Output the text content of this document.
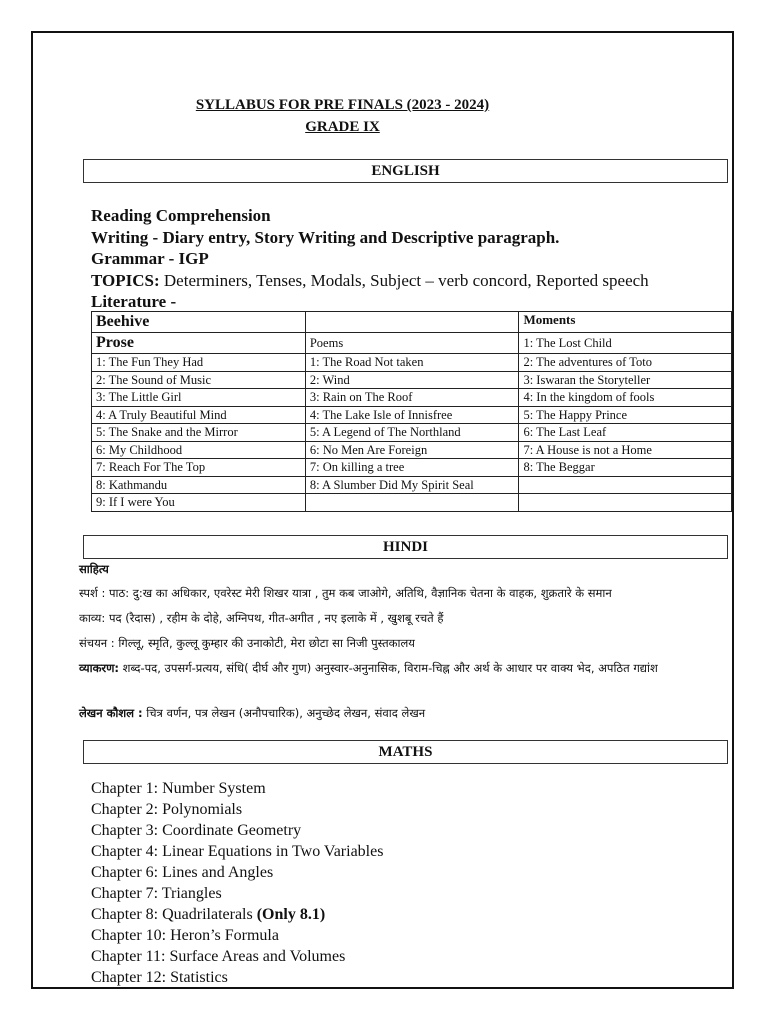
SYLLABUS FOR PRE FINALS (2023 - 2024)
GRADE IX
ENGLISH
Reading Comprehension
Writing - Diary entry, Story Writing and Descriptive paragraph.
Grammar - IGP
TOPICS: Determiners, Tenses, Modals, Subject – verb concord, Reported speech
Literature -
Beehive		Moments
Prose	Poems	1: The Lost Child
1: The Fun They Had	1: The Road Not taken	2: The adventures of Toto
2: The Sound of Music	2: Wind	3: Iswaran the Storyteller
3: The Little Girl	3: Rain on The Roof	4: In the kingdom of fools
4: A Truly Beautiful Mind	4: The Lake Isle of Innisfree	5: The Happy Prince
5: The Snake and the Mirror	5: A Legend of The Northland	6: The Last Leaf
6: My Childhood	6: No Men Are Foreign	7: A House is not a Home
7: Reach For The Top	7: On killing a tree	8: The Beggar
8: Kathmandu	8: A Slumber Did My Spirit Seal	
9: If I were You		
HINDI
साहित्य
स्पर्श : पाठ: दु:ख का अधिकार, एवरेस्ट मेरी शिखर यात्रा , तुम कब जाओगे, अतिथि, वैज्ञानिक चेतना के वाहक, शुक्रतारे के समान
काव्य: पद (रैदास) , रहीम के दोहे, अग्निपथ, गीत-अगीत , नए इलाके में , खुशबू रचते हैं
संचयन : गिल्लू, स्मृति, कुल्लू कुम्हार की उनाकोटी, मेरा छोटा सा निजी पुस्तकालय
व्याकरण: शब्द-पद, उपसर्ग-प्रत्यय, संधि( दीर्घ और गुण) अनुस्वार-अनुनासिक, विराम-चिह्न और अर्थ के आधार पर वाक्य भेद, अपठित गद्यांश
लेखन कौशल : चित्र वर्णन, पत्र लेखन (अनौपचारिक), अनुच्छेद लेखन, संवाद लेखन
MATHS
Chapter 1: Number System
Chapter 2: Polynomials
Chapter 3: Coordinate Geometry
Chapter 4: Linear Equations in Two Variables
Chapter 6: Lines and Angles
Chapter 7: Triangles
Chapter 8: Quadrilaterals (Only 8.1)
Chapter 10: Heron’s Formula
Chapter 11: Surface Areas and Volumes
Chapter 12: Statistics
